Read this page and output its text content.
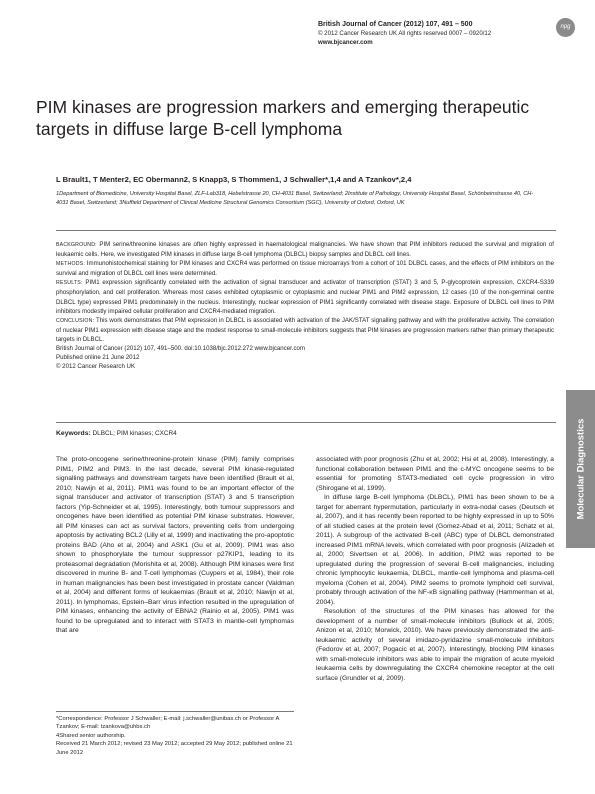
British Journal of Cancer (2012) 107, 491 – 500
© 2012 Cancer Research UK All rights reserved 0007 – 0920/12
www.bjcancer.com
npg
PIM kinases are progression markers and emerging therapeutic targets in diffuse large B-cell lymphoma
L Brault1, T Menter2, EC Obermann2, S Knapp3, S Thommen1, J Schwaller*,1,4 and A Tzankov*,2,4
1Department of Biomedicine, University Hospital Basel, ZLF-Lab318, Hebelstrasse 20, CH-4031 Basel, Switzerland; 2Institute of Pathology, University Hospital Basel, Schönbeinstrasse 40, CH-4031 Basel, Switzerland; 3Nuffield Department of Clinical Medicine Structural Genomics Consortium (SGC), University of Oxford, Oxford, UK

BACKGROUND: PIM serine/threonine kinases are often highly expressed in haematological malignancies. We have shown that PIM inhibitors reduced the survival and migration of leukaemic cells. Here, we investigated PIM kinases in diffuse large B-cell lymphoma (DLBCL) biopsy samples and DLBCL cell lines.

METHODS: Immunohistochemical staining for PIM kinases and CXCR4 was performed on tissue microarrays from a cohort of 101 DLBCL cases, and the effects of PIM inhibitors on the survival and migration of DLBCL cell lines were determined.

RESULTS: PIM1 expression significantly correlated with the activation of signal transducer and activator of transcription (STAT) 3 and 5, P-glycoprotein expression, CXCR4-S339 phosphorylation, and cell proliferation. Whereas most cases exhibited cytoplasmic or cytoplasmic and nuclear PIM1 and PIM2 expression, 12 cases (10 of the non-germinal centre DLBCL type) expressed PIM1 predominately in the nucleus. Interestingly, nuclear expression of PIM1 significantly correlated with disease stage. Exposure of DLBCL cell lines to PIM inhibitors modestly impaired cellular proliferation and CXCR4-mediated migration.

CONCLUSION: This work demonstrates that PIM expression in DLBCL is associated with activation of the JAK/STAT signalling pathway and with the proliferative activity. The correlation of nuclear PIM1 expression with disease stage and the modest response to small-molecule inhibitors suggests that PIM kinases are progression markers rather than primary therapeutic targets in DLBCL.

British Journal of Cancer (2012) 107, 491–500. doi:10.1038/bjc.2012.272 www.bjcancer.com

Published online 21 June 2012

© 2012 Cancer Research UK

Keywords: DLBCL; PIM kinases; CXCR4	Molecular Diagnostics

The proto-oncogene serine/threonine-protein kinase (PIM) family comprises PIM1, PIM2 and PIM3. In the last decade, several PIM kinase-regulated signalling pathways and downstream targets have been identified (Brault et al, 2010; Nawijn et al, 2011). PIM1 was found to be an important effector of the signal transducer and activator of transcription (STAT) 3 and 5 transcription factors (Yip-Schneider et al, 1995). Interestingly, both tumour suppressors and oncogenes have been identified as potential PIM kinase substrates. However, all PIM kinases can act as survival factors, preventing cells from undergoing apoptosis by activating BCL2 (Lilly et al, 1999) and inactivating the pro-apoptotic proteins BAD (Aho et al, 2004) and ASK1 (Gu et al, 2009). PIM1 was also shown to phosphorylate the tumour suppressor p27KIP1, leading to its proteasomal degradation (Morishita et al, 2008). Although PIM kinases were first discovered in murine B- and T-cell lymphomas (Cuypers et al, 1984), their role in human malignancies has been best investigated in prostate cancer (Valdman et al, 2004) and different forms of leukaemias (Brault et al, 2010; Nawijn et al, 2011). In lymphomas, Epstein–Barr virus infection resulted in the upregulation of PIM kinases, enhancing the activity of EBNA2 (Rainio et al, 2005). PIM1 was found to be upregulated and to interact with STAT3 in mantle-cell lymphomas that are

associated with poor prognosis (Zhu et al, 2002; Hsi et al, 2008). Interestingly, a functional collaboration between PIM1 and the c-MYC oncogene seems to be essential for promoting STAT3-mediated cell cycle progression in vitro (Shirogane et al, 1999).

In diffuse large B-cell lymphoma (DLBCL), PIM1 has been shown to be a target for aberrant hypermutation, particularly in extra-nodal cases (Deutsch et al, 2007), and it has recently been reported to be highly expressed in up to 50% of all studied cases at the protein level (Gomez-Abad et al, 2011; Schatz et al, 2011). A subgroup of the activated B-cell (ABC) type of DLBCL demonstrated increased PIM1 mRNA levels, which correlated with poor prognosis (Alizadeh et al, 2000; Sivertsen et al, 2006). In addition, PIM2 was reported to be upregulated during the progression of several B-cell malignancies, including chronic lymphocytic leukaemia, DLBCL, mantle-cell lymphoma and plasma-cell myeloma (Cohen et al, 2004). PIM2 seems to promote lymphoid cell survival, probably through activation of the NF-κB signalling pathway (Hammerman et al, 2004).

Resolution of the structures of the PIM kinases has allowed for the development of a number of small-molecule inhibitors (Bullock et al, 2005; Anizon et al, 2010; Morwick, 2010). We have previously demonstrated the anti-leukaemic activity of several imidazo-pyridazine small-molecule inhibitors (Fedorov et al, 2007; Pogacic et al, 2007). Interestingly, blocking PIM kinases with small-molecule inhibitors was able to impair the migration of acute myeloid leukaemia cells by downregulating the CXCR4 chemokine receptor at the cell surface (Grundler et al, 2009).

*Correspondence: Professor J Schwaller; E-mail: j.schwaller@unibas.ch or Professor A Tzankov; E-mail: tzankova@uhbs.ch

4Shared senior authorship.

Received 21 March 2012; revised 23 May 2012; accepted 29 May 2012; published online 21 June 2012
